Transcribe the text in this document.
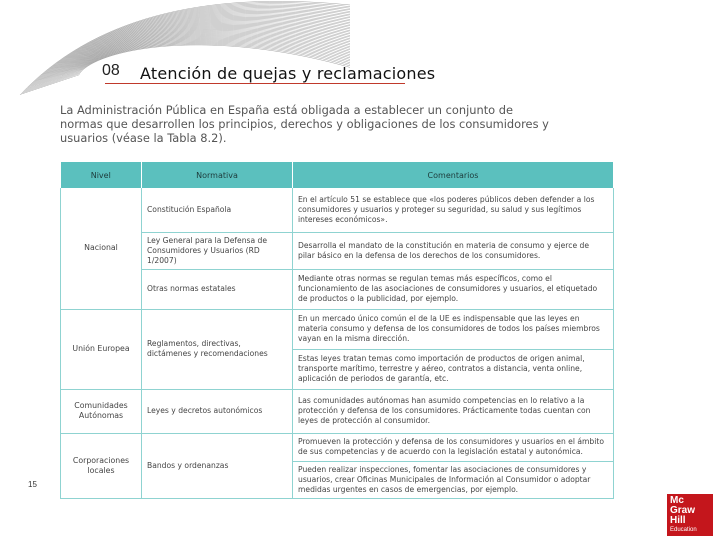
08 Atención de quejas y reclamaciones
La Administración Pública en España está obligada a establecer un conjunto de normas que desarrollen los principios, derechos y obligaciones de los consumidores y usuarios (véase la Tabla 8.2).
Nivel	Normativa	Comentarios
Nacional	Constitución Española	En el artículo 51 se establece que «los poderes públicos deben defender a los consumidores y usuarios y proteger su seguridad, su salud y sus legítimos intereses económicos».
	Ley General para la Defensa de Consumidores y Usuarios (RD 1/2007)	Desarrolla el mandato de la constitución en materia de consumo y ejerce de pilar básico en la defensa de los derechos de los consumidores.
	Otras normas estatales	Mediante otras normas se regulan temas más específicos, como el funcionamiento de las asociaciones de consumidores y usuarios, el etiquetado de productos o la publicidad, por ejemplo.
Unión Europea	Reglamentos, directivas, dictámenes y recomendaciones	En un mercado único común el de la UE es indispensable que las leyes en materia consumo y defensa de los consumidores de todos los países miembros vayan en la misma dirección.
		Estas leyes tratan temas como importación de productos de origen animal, transporte marítimo, terrestre y aéreo, contratos a distancia, venta online, aplicación de periodos de garantía, etc.
Comunidades Autónomas	Leyes y decretos autonómicos	Las comunidades autónomas han asumido competencias en lo relativo a la protección y defensa de los consumidores. Prácticamente todas cuentan con leyes de protección al consumidor.
Corporaciones locales	Bandos y ordenanzas	Promueven la protección y defensa de los consumidores y usuarios en el ámbito de sus competencias y de acuerdo con la legislación estatal y autonómica.
		Pueden realizar inspecciones, fomentar las asociaciones de consumidores y usuarios, crear Oficinas Municipales de Información al Consumidor o adoptar medidas urgentes en casos de emergencias, por ejemplo.
15
Mc
Graw
Hill
Education
